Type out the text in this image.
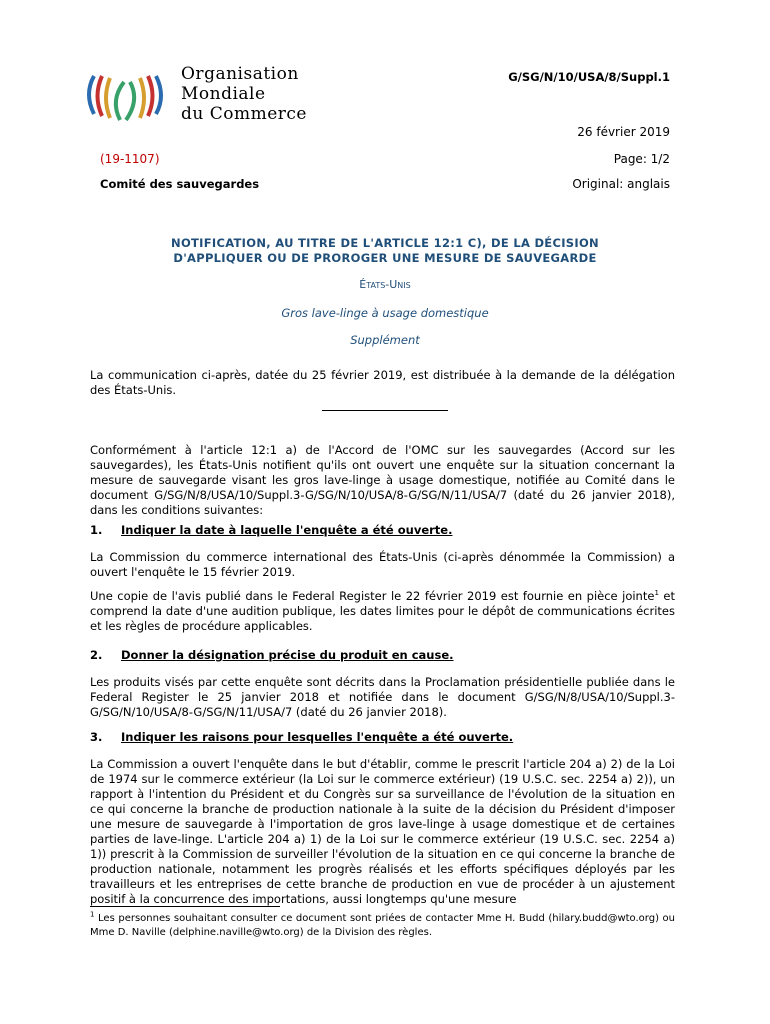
Organisation
Mondiale
du Commerce
G/SG/N/10/USA/8/Suppl.1
26 février 2019
(19-1107)	Page: 1/2
Comité des sauvegardes	Original: anglais
NOTIFICATION, AU TITRE DE L'ARTICLE 12:1 C), DE LA DÉCISION
D'APPLIQUER OU DE PROROGER UNE MESURE DE SAUVEGARDE
États-Unis
Gros lave-linge à usage domestique
Supplément
La communication ci-après, datée du 25 février 2019, est distribuée à la demande de la délégation des États-Unis.
Conformément à l'article 12:1 a) de l'Accord de l'OMC sur les sauvegardes (Accord sur les sauvegardes), les États-Unis notifient qu'ils ont ouvert une enquête sur la situation concernant la mesure de sauvegarde visant les gros lave-linge à usage domestique, notifiée au Comité dans le document G/SG/N/8/USA/10/Suppl.3-G/SG/N/10/USA/8-G/SG/N/11/USA/7 (daté du 26 janvier 2018), dans les conditions suivantes:
1. Indiquer la date à laquelle l'enquête a été ouverte.
La Commission du commerce international des États-Unis (ci-après dénommée la Commission) a ouvert l'enquête le 15 février 2019.
Une copie de l'avis publié dans le Federal Register le 22 février 2019 est fournie en pièce jointe$^1$ et comprend la date d'une audition publique, les dates limites pour le dépôt de communications écrites et les règles de procédure applicables.
2. Donner la désignation précise du produit en cause.
Les produits visés par cette enquête sont décrits dans la Proclamation présidentielle publiée dans le Federal Register le 25 janvier 2018 et notifiée dans le document G/SG/N/8/USA/10/Suppl.3-G/SG/N/10/USA/8-G/SG/N/11/USA/7 (daté du 26 janvier 2018).
3. Indiquer les raisons pour lesquelles l'enquête a été ouverte.
La Commission a ouvert l'enquête dans le but d'établir, comme le prescrit l'article 204 a) 2) de la Loi de 1974 sur le commerce extérieur (la Loi sur le commerce extérieur) (19 U.S.C. sec. 2254 a) 2)), un rapport à l'intention du Président et du Congrès sur sa surveillance de l'évolution de la situation en ce qui concerne la branche de production nationale à la suite de la décision du Président d'imposer une mesure de sauvegarde à l'importation de gros lave-linge à usage domestique et de certaines parties de lave-linge. L'article 204 a) 1) de la Loi sur le commerce extérieur (19 U.S.C. sec. 2254 a) 1)) prescrit à la Commission de surveiller l'évolution de la situation en ce qui concerne la branche de production nationale, notamment les progrès réalisés et les efforts spécifiques déployés par les travailleurs et les entreprises de cette branche de production en vue de procéder à un ajustement positif à la concurrence des importations, aussi longtemps qu'une mesure
$^1$ Les personnes souhaitant consulter ce document sont priées de contacter Mme H. Budd (hilary.budd@wto.org) ou Mme D. Naville (delphine.naville@wto.org) de la Division des règles.
